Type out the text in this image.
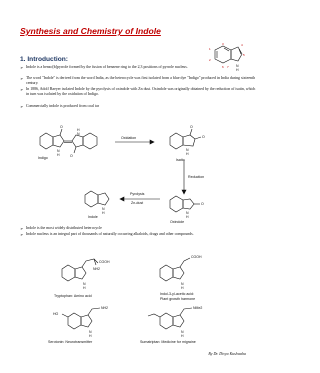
Synthesis and Chemistry of Indole
1
2
3	4
5
6 7 N
H
1. Introduction:
➢ Indole is a benzo[b]pyrrole formed by the fusion of benzene ring to the 2,3 positions of pyrrole nucleus.
➢ The word "Indole" is derived from the word India, as the heterocycle was first isolated from a blue dye "Indigo" produced in India during sixteenth century.
➢ In 1886, Adolf Baeyer isolated Indole by the pyrolysis of oxindole with Zn dust. Oxindole was originally obtained by the reduction of isatin, which in turn was isolated by the oxidation of Indigo.
➢ Commercially indole is produced from coal tar
O
O
N
H
N
H
O
O
N
H
O
N
H
N
H
Indigo
Oxidation
Isatin
Reduction
Pyrolysis
Zn-dust
Indole
Oxindole
➢ Indole is the most widely distributed heterocycle
➢ Indole nucleus is an integral part of thousands of naturally occurring alkaloids, drugs and other compounds.
COOH
NH2
N
H
COOH
N
H
HO
NH2
N
H
NMe2
N
H
Tryptophan: Amino acid	Indol-3-yl-acetic acid:
Plant growth harmone
Serotonin: Neurotransmitter	Sumatriptan: Medicine for migraine
By Dr. Divya Kushwaha
